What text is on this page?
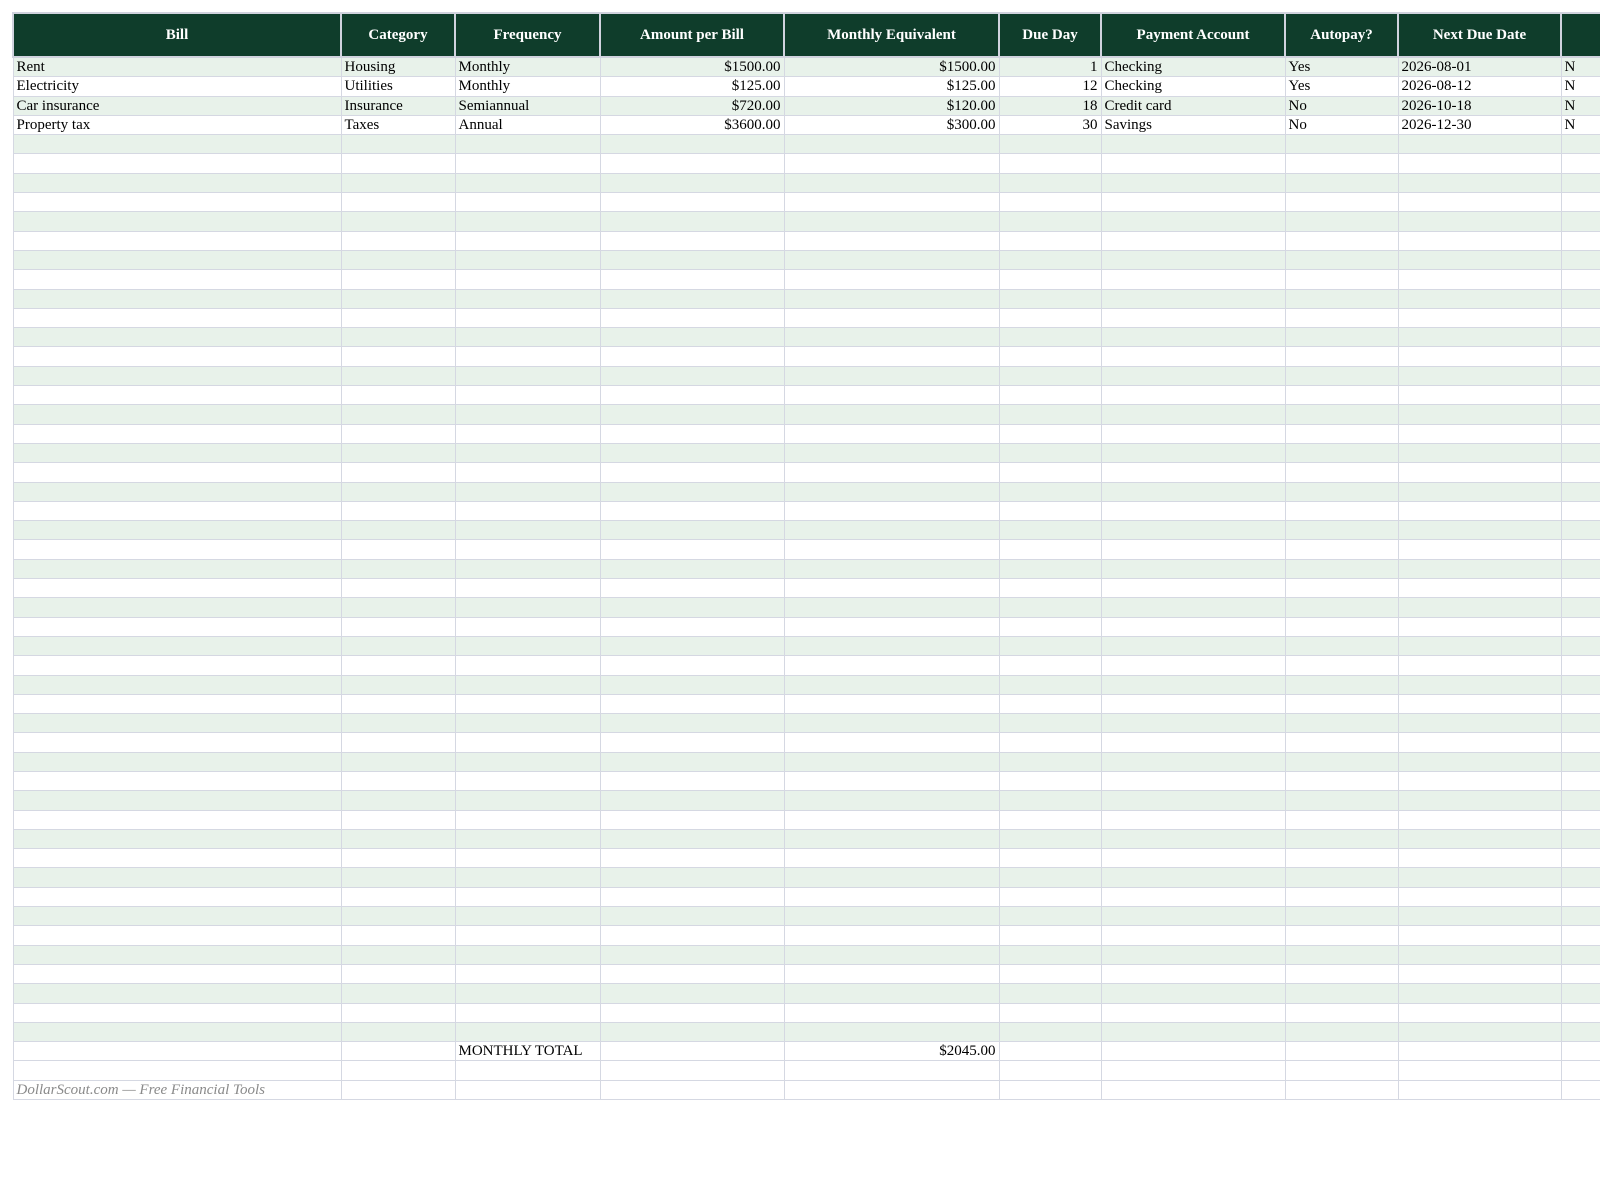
Bill	Category	Frequency	Amount per Bill	Monthly Equivalent	Due Day	Payment Account	Autopay?	Next Due Date	
Rent	Housing	Monthly	$1500.00	$1500.00	1	Checking	Yes	2026-08-01	N
Electricity	Utilities	Monthly	$125.00	$125.00	12	Checking	Yes	2026-08-12	N
Car insurance	Insurance	Semiannual	$720.00	$120.00	18	Credit card	No	2026-10-18	N
Property tax	Taxes	Annual	$3600.00	$300.00	30	Savings	No	2026-12-30	N

		MONTHLY TOTAL		$2045.00					

DollarScout.com — Free Financial Tools									
